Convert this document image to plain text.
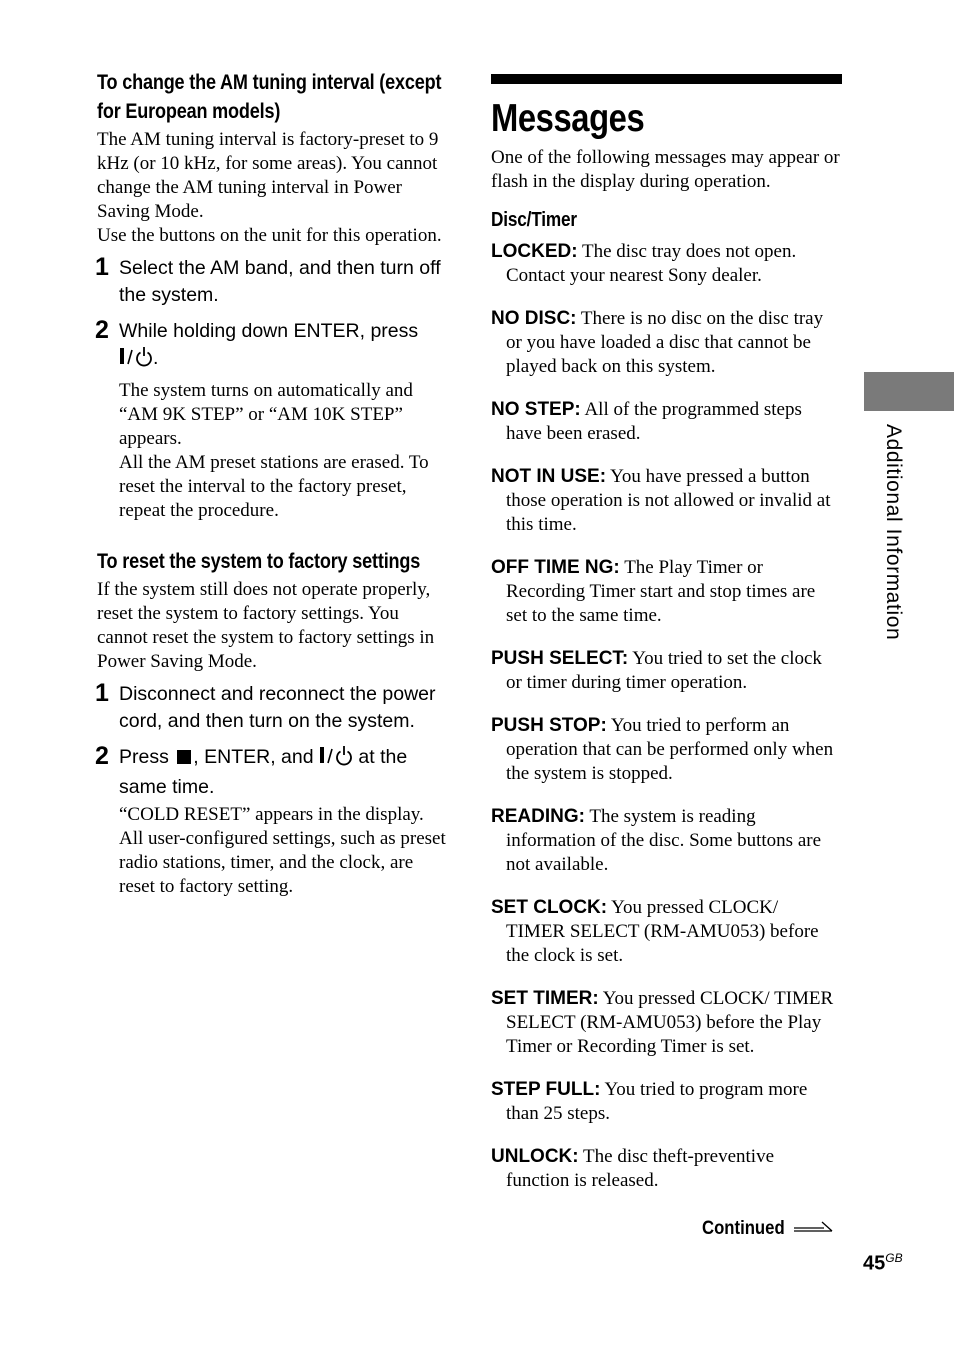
To change the AM tuning interval (except for European models)

The AM tuning interval is factory-preset to 9 kHz (or 10 kHz, for some areas). You cannot change the AM tuning interval in Power Saving Mode.

Use the buttons on the unit for this operation.

1 Select the AM band, and then turn off the system.

2 While holding down ENTER, press .

The system turns on automatically and “AM 9K STEP” or “AM 10K STEP” appears.

All the AM preset stations are erased. To reset the interval to the factory preset, repeat the procedure.

To reset the system to factory settings

If the system still does not operate properly, reset the system to factory settings. You cannot reset the system to factory settings in Power Saving Mode.

1 Disconnect and reconnect the power cord, and then turn on the system.

2 Press , ENTER, and  at the same time.

“COLD RESET” appears in the display.

All user-configured settings, such as preset radio stations, timer, and the clock, are reset to factory setting.

Messages

One of the following messages may appear or flash in the display during operation.

Disc/Timer

LOCKED: The disc tray does not open. Contact your nearest Sony dealer.

NO DISC: There is no disc on the disc tray or you have loaded a disc that cannot be played back on this system.

NO STEP: All of the programmed steps have been erased.

NOT IN USE: You have pressed a button those operation is not allowed or invalid at this time.

OFF TIME NG: The Play Timer or Recording Timer start and stop times are set to the same time.

PUSH SELECT: You tried to set the clock or timer during timer operation.

PUSH STOP: You tried to perform an operation that can be performed only when the system is stopped.

READING: The system is reading information of the disc. Some buttons are not available.

SET CLOCK: You pressed CLOCK/ TIMER SELECT (RM-AMU053) before the clock is set.

SET TIMER: You pressed CLOCK/ TIMER SELECT (RM-AMU053) before the Play Timer or Recording Timer is set.

STEP FULL: You tried to program more than 25 steps.

UNLOCK: The disc theft-preventive function is released.

Additional Information
Continued
$45^{GB}$
